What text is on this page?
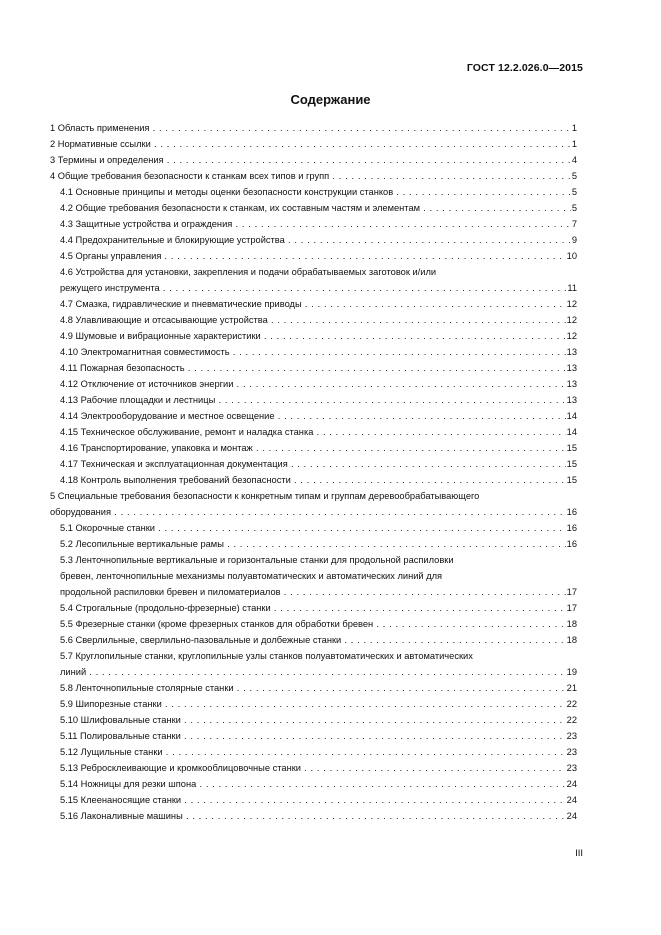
ГОСТ 12.2.026.0—2015
Содержание
1 Область применения . . .	1
2 Нормативные ссылки . . .	1
3 Термины и определения . . .	4
4 Общие требования безопасности к станкам всех типов и групп . . .	5
4.1 Основные принципы и методы оценки безопасности конструкции станков . . .	5
4.2 Общие требования безопасности к станкам, их составным частям и элементам . . .	5
4.3 Защитные устройства и ограждения . . .	7
4.4 Предохранительные и блокирующие устройства . . .	9
4.5 Органы управления . . .	10
4.6 Устройства для установки, закрепления и подачи обрабатываемых заготовок и/или
режущего инструмента . . .	11
4.7 Смазка, гидравлические и пневматические приводы . . .	12
4.8 Улавливающие и отсасывающие устройства . . .	12
4.9 Шумовые и вибрационные характеристики . . .	12
4.10 Электромагнитная совместимость . . .	13
4.11 Пожарная безопасность . . .	13
4.12 Отключение от источников энергии . . .	13
4.13 Рабочие площадки и лестницы . . .	13
4.14 Электрооборудование и местное освещение . . .	14
4.15 Техническое обслуживание, ремонт и наладка станка . . .	14
4.16 Транспортирование, упаковка и монтаж . . .	15
4.17 Техническая и эксплуатационная документация . . .	15
4.18 Контроль выполнения требований безопасности . . .	15
5 Специальные требования безопасности к конкретным типам и группам деревообрабатывающего
оборудования . . .	16
5.1 Окорочные станки . . .	16
5.2 Лесопильные вертикальные рамы . . .	16
5.3 Ленточнопильные вертикальные и горизонтальные станки для продольной распиловки
бревен, ленточнопильные механизмы полуавтоматических и автоматических линий для
продольной распиловки бревен и пиломатериалов . . .	17
5.4 Строгальные (продольно-фрезерные) станки . . .	17
5.5 Фрезерные станки (кроме фрезерных станков для обработки бревен . . .	18
5.6 Сверлильные, сверлильно-пазовальные и долбежные станки . . .	18
5.7 Круглопильные станки, круглопильные узлы станков полуавтоматических и автоматических
линий . . .	19
5.8 Ленточнопильные столярные станки . . .	21
5.9 Шипорезные станки . . .	22
5.10 Шлифовальные станки . . .	22
5.11 Полировальные станки . . .	23
5.12 Лущильные станки . . .	23
5.13 Ребросклеивающие и кромкооблицовочные станки . . .	23
5.14 Ножницы для резки шпона . . .	24
5.15 Клеенаносящие станки . . .	24
5.16 Лаконаливные машины . . .	24
III
